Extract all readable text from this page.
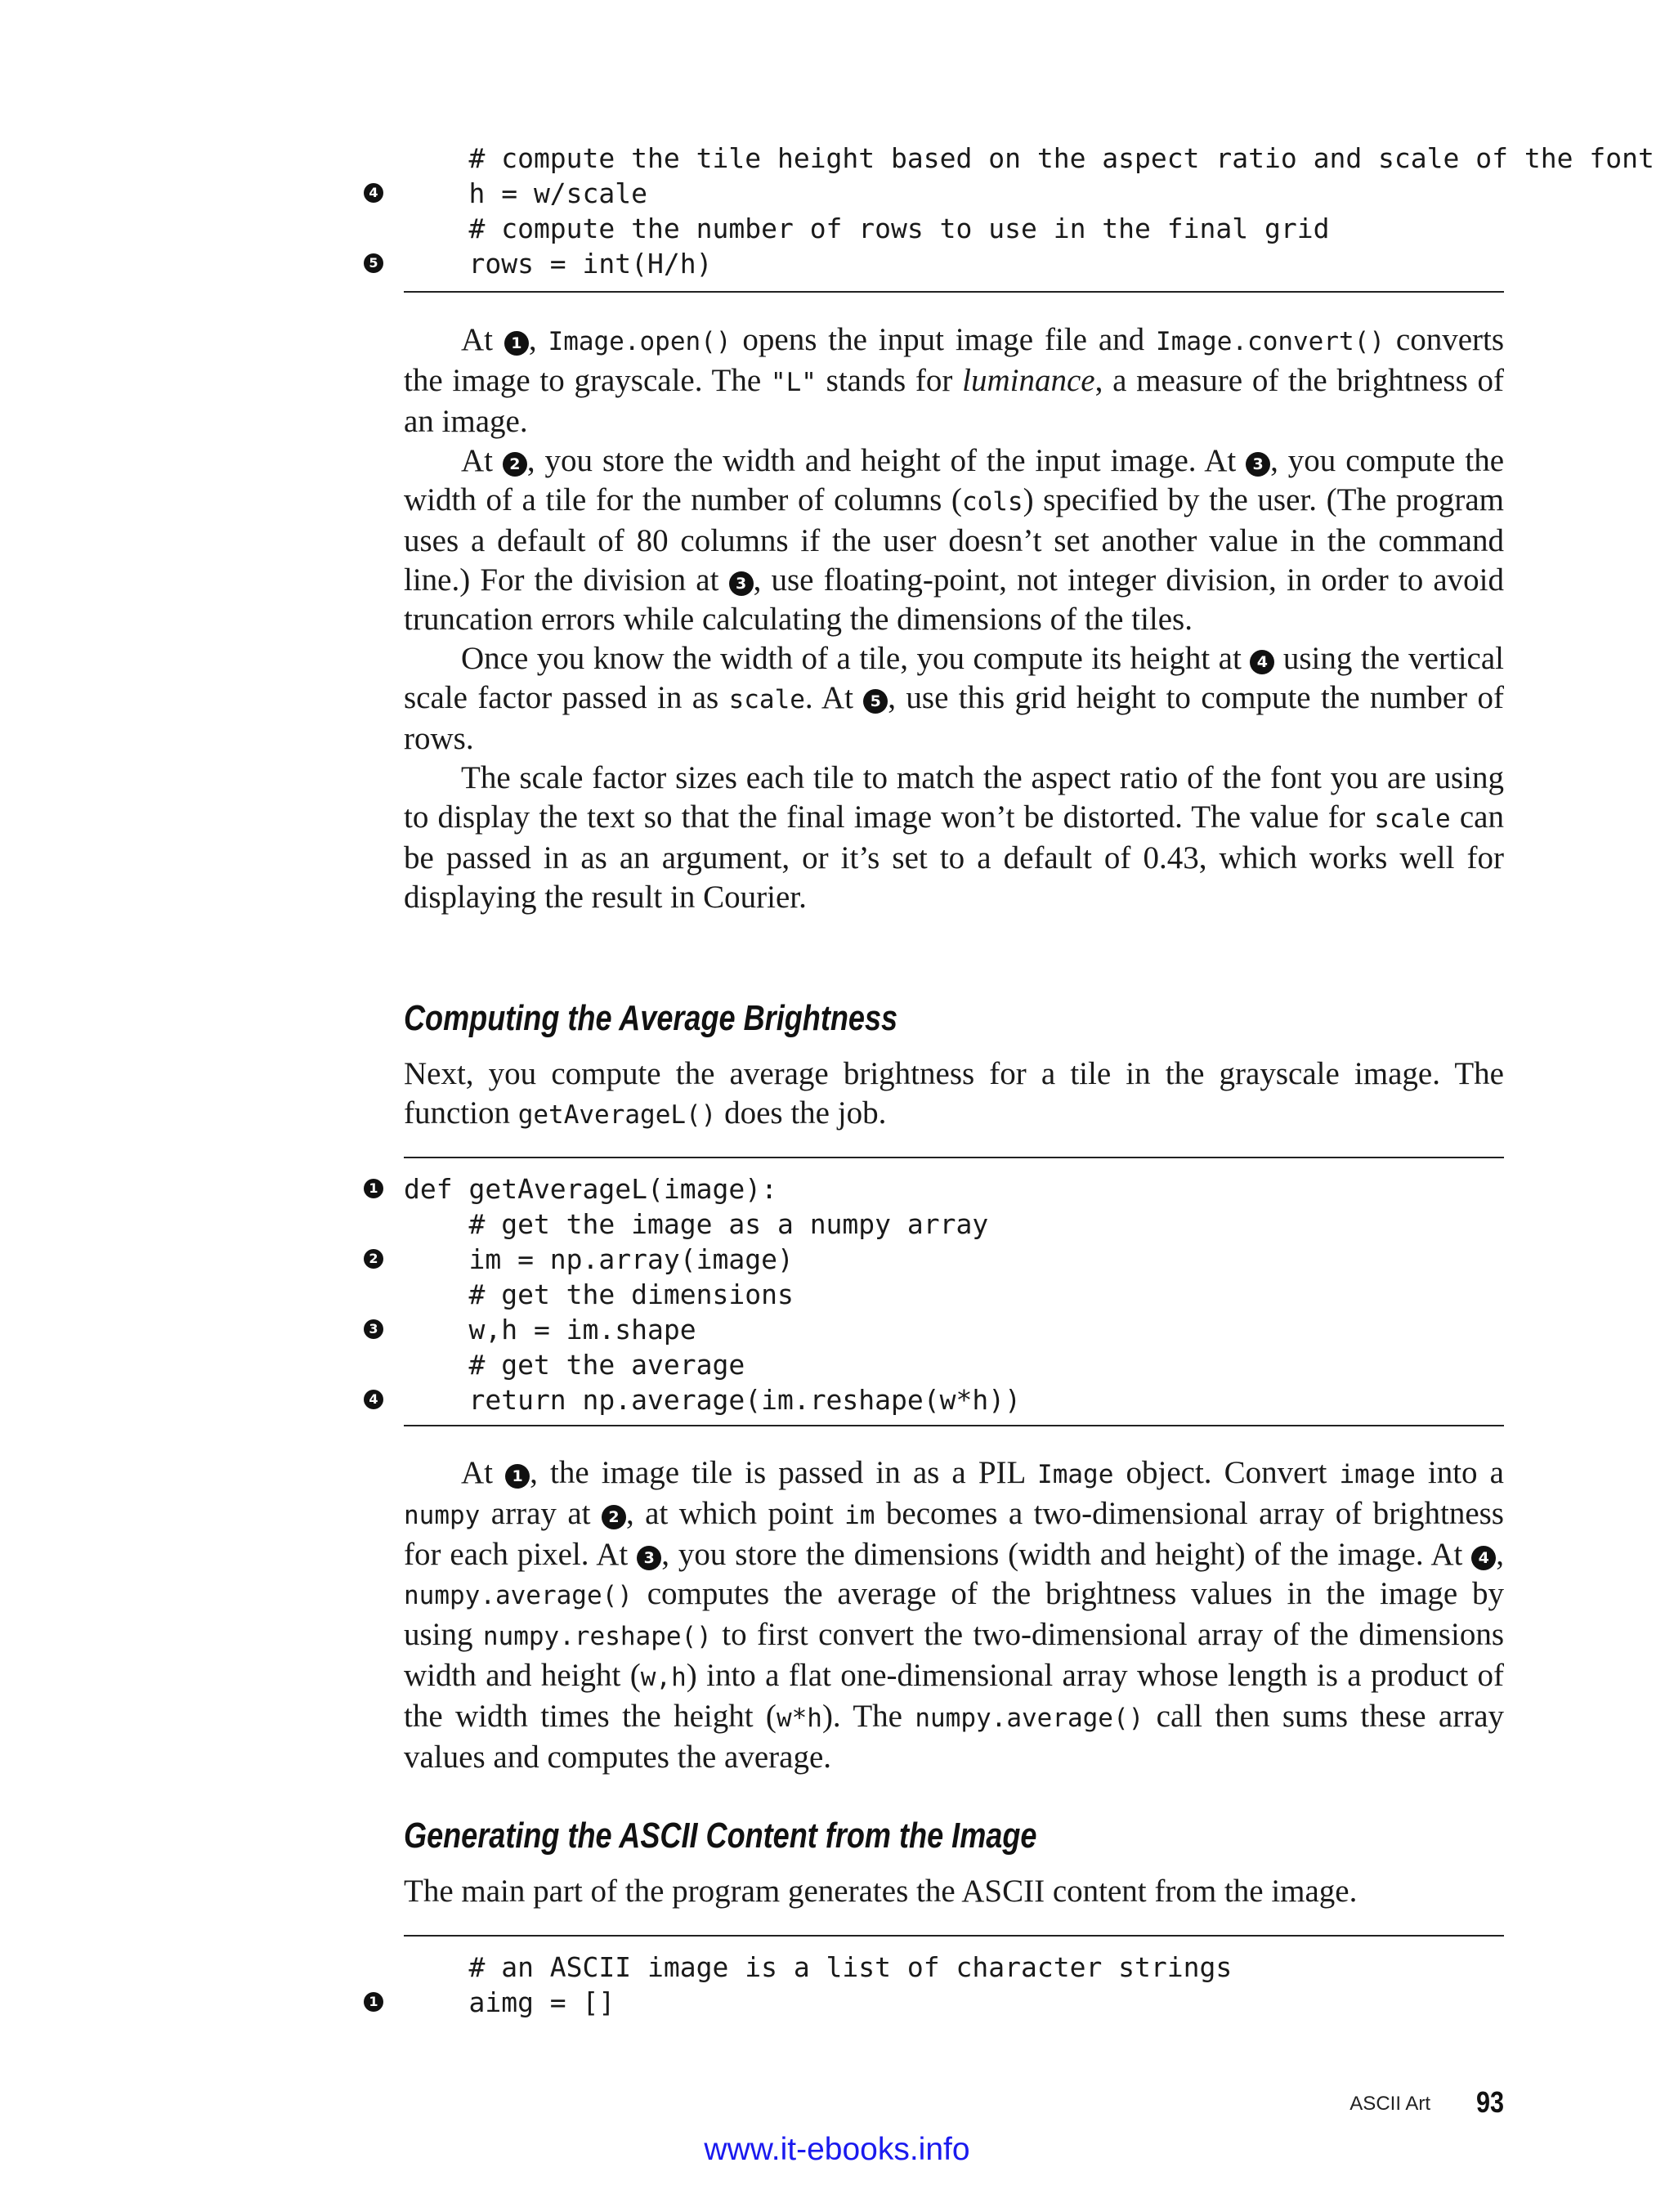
# compute the tile height based on the aspect ratio and scale of the font

4

h = w/scale

# compute the number of rows to use in the final grid

5

rows = int(H/h)

At 1 , Image.open() opens the input image file and Image.convert() converts the image to grayscale. The "L" stands for luminance, a measure of the brightness of an image.

At 2 , you store the width and height of the input image. At 3 , you compute the width of a tile for the number of columns (cols) specified by the user. (The program uses a default of 80 columns if the user doesn’t set another value in the command line.) For the division at 3 , use floating-point, not integer division, in order to avoid truncation errors while calculating the dimensions of the tiles.

Once you know the width of a tile, you compute its height at 4 using the vertical scale factor passed in as scale. At 5 , use this grid height to compute the number of rows.

The scale factor sizes each tile to match the aspect ratio of the font you are using to display the text so that the final image won’t be distorted. The value for scale can be passed in as an argument, or it’s set to a default of 0.43, which works well for displaying the result in Courier.

Computing the Average Brightness

Next, you compute the average brightness for a tile in the grayscale image. The function getAverageL() does the job.

1

def getAverageL(image):

# get the image as a numpy array

2

im = np.array(image)

# get the dimensions

3

w,h = im.shape

# get the average

4

return np.average(im.reshape(w*h))

At 1 , the image tile is passed in as a PIL Image object. Convert image into a numpy array at 2 , at which point im becomes a two-dimensional array of brightness for each pixel. At 3 , you store the dimensions (width and height) of the image. At 4 , numpy.average() computes the average of the brightness values in the image by using numpy.reshape() to first convert the two-dimensional array of the dimensions width and height (w,h) into a flat one-dimensional array whose length is a product of the width times the height (w*h). The numpy.average() call then sums these array values and computes the average.

Generating the ASCII Content from the Image

The main part of the program generates the ASCII content from the image.

# an ASCII image is a list of character strings

1

aimg = []

ASCII Art 93
www.it-ebooks.info
